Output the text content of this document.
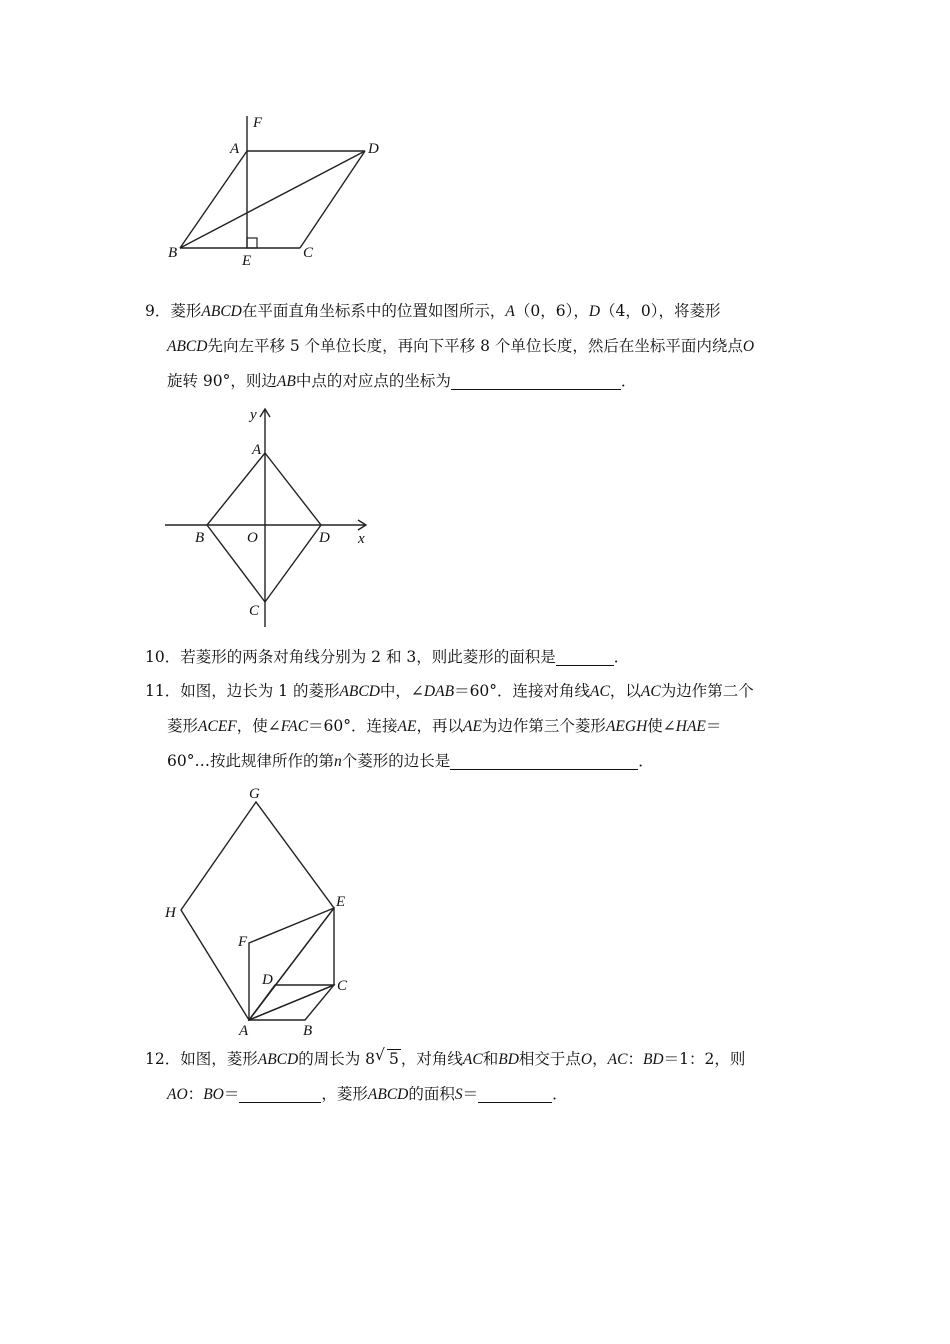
F
A	D
B	E	C
9．菱形ABCD在平面直角坐标系中的位置如图所示，A（0，6），D（4，0），将菱形
ABCD先向左平移 5 个单位长度，再向下平移 8 个单位长度，然后在坐标平面内绕点O
旋转 90°，则边AB中点的对应点的坐标为	．
y
A
B	O	D x
C
10．若菱形的两条对角线分别为 2 和 3，则此菱形的面积是	．
11．如图，边长为 1 的菱形ABCD中，∠DAB＝60°．连接对角线AC，以AC为边作第二个
菱形ACEF，使∠FAC＝60°．连接AE，再以AE为边作第三个菱形AEGH使∠HAE＝
60°…按此规律所作的第n个菱形的边长是	．
G
H
E
F
D	C
A	B
12．如图，菱形ABCD的周长为 8 √ 5 ，对角线AC和BD相交于点O，AC：BD＝1：2，则
AO：BO＝	，菱形ABCD的面积S＝	．
